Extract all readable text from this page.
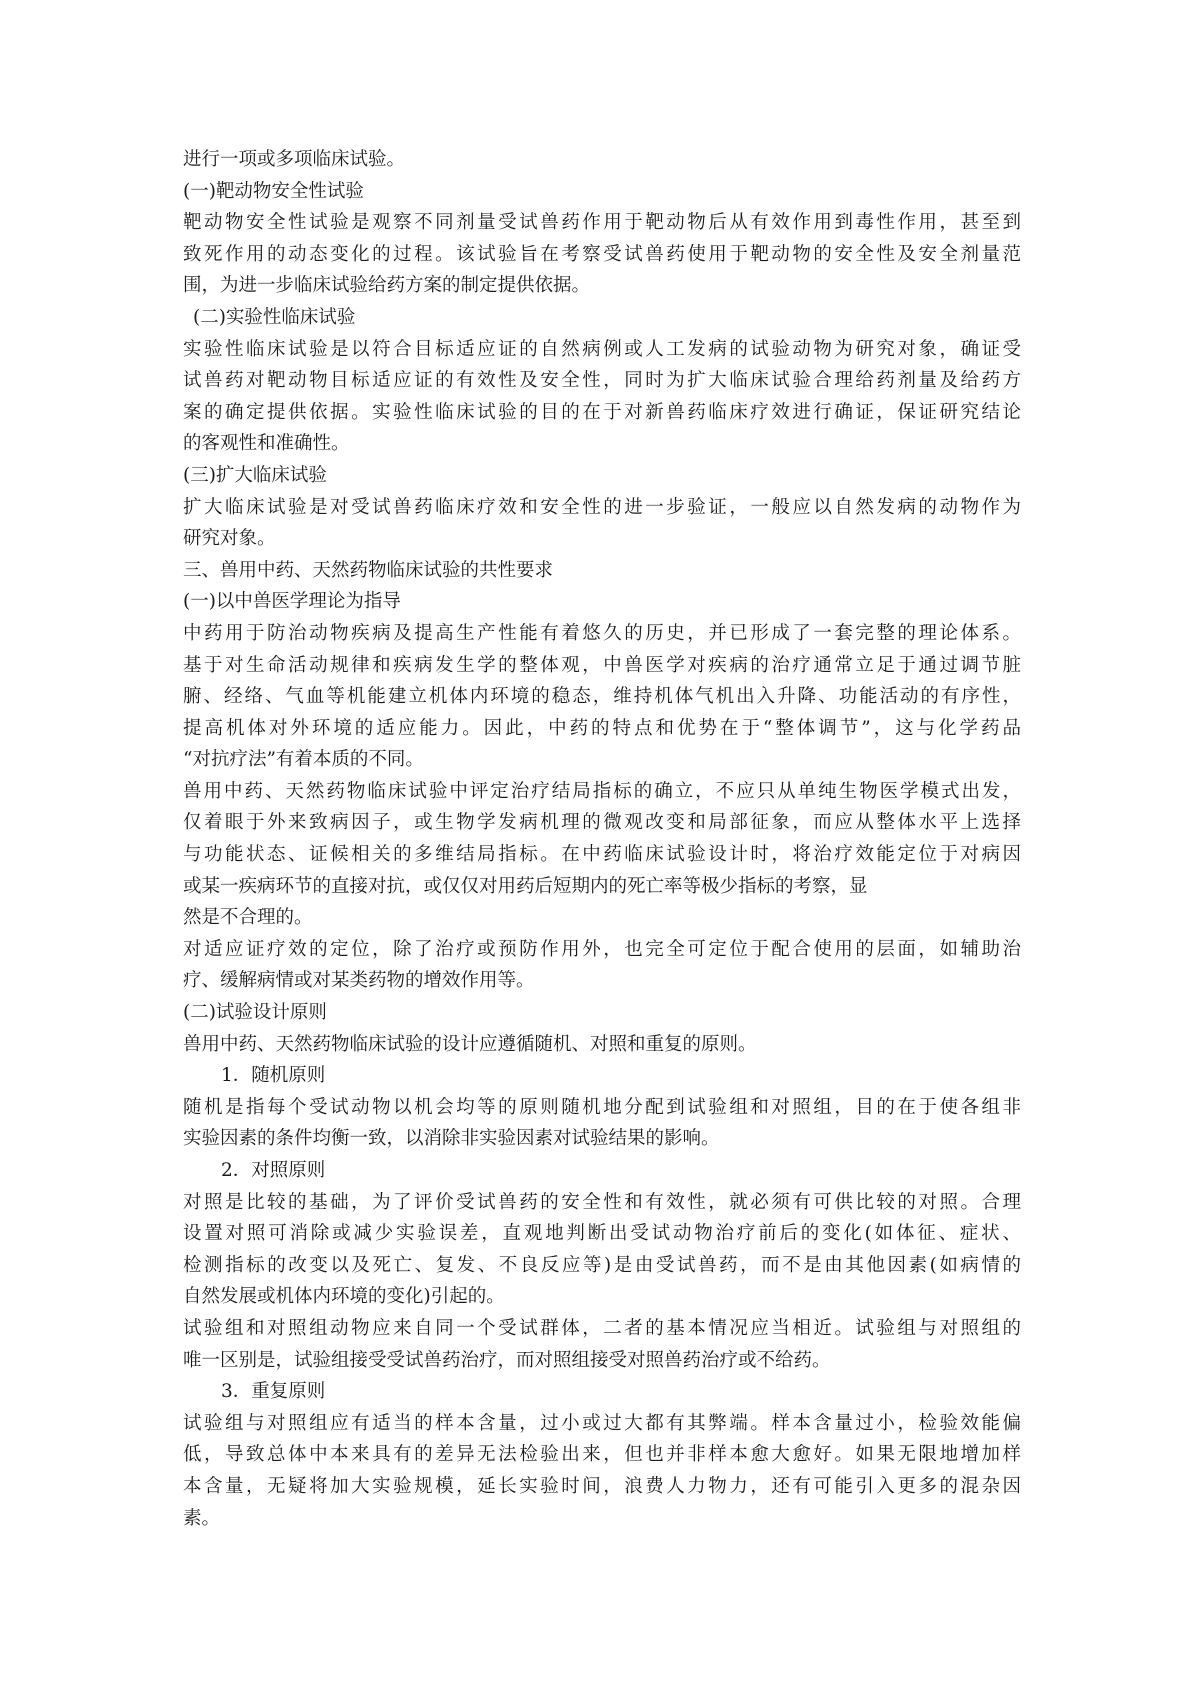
进行一项或多项临床试验。
(一)靶动物安全性试验
靶动物安全性试验是观察不同剂量受试兽药作用于靶动物后从有效作用到毒性作用，甚至到
致死作用的动态变化的过程。该试验旨在考察受试兽药使用于靶动物的安全性及安全剂量范
围，为进一步临床试验给药方案的制定提供依据。
(二)实验性临床试验
实验性临床试验是以符合目标适应证的自然病例或人工发病的试验动物为研究对象，确证受
试兽药对靶动物目标适应证的有效性及安全性，同时为扩大临床试验合理给药剂量及给药方
案的确定提供依据。实验性临床试验的目的在于对新兽药临床疗效进行确证，保证研究结论
的客观性和准确性。
(三)扩大临床试验
扩大临床试验是对受试兽药临床疗效和安全性的进一步验证，一般应以自然发病的动物作为
研究对象。
三、兽用中药、天然药物临床试验的共性要求
(一)以中兽医学理论为指导
中药用于防治动物疾病及提高生产性能有着悠久的历史，并已形成了一套完整的理论体系。
基于对生命活动规律和疾病发生学的整体观，中兽医学对疾病的治疗通常立足于通过调节脏
腑、经络、气血等机能建立机体内环境的稳态，维持机体气机出入升降、功能活动的有序性，
提高机体对外环境的适应能力。因此，中药的特点和优势在于“整体调节”，这与化学药品
“对抗疗法”有着本质的不同。
兽用中药、天然药物临床试验中评定治疗结局指标的确立，不应只从单纯生物医学模式出发，
仅着眼于外来致病因子，或生物学发病机理的微观改变和局部征象，而应从整体水平上选择
与功能状态、证候相关的多维结局指标。在中药临床试验设计时，将治疗效能定位于对病因
或某一疾病环节的直接对抗，或仅仅对用药后短期内的死亡率等极少指标的考察，显
然是不合理的。
对适应证疗效的定位，除了治疗或预防作用外，也完全可定位于配合使用的层面，如辅助治
疗、缓解病情或对某类药物的增效作用等。
(二)试验设计原则
兽用中药、天然药物临床试验的设计应遵循随机、对照和重复的原则。
1．随机原则
随机是指每个受试动物以机会均等的原则随机地分配到试验组和对照组，目的在于使各组非
实验因素的条件均衡一致，以消除非实验因素对试验结果的影响。
2．对照原则
对照是比较的基础，为了评价受试兽药的安全性和有效性，就必须有可供比较的对照。合理
设置对照可消除或减少实验误差，直观地判断出受试动物治疗前后的变化(如体征、症状、
检测指标的改变以及死亡、复发、不良反应等)是由受试兽药，而不是由其他因素(如病情的
自然发展或机体内环境的变化)引起的。
试验组和对照组动物应来自同一个受试群体，二者的基本情况应当相近。试验组与对照组的
唯一区别是，试验组接受受试兽药治疗，而对照组接受对照兽药治疗或不给药。
3．重复原则
试验组与对照组应有适当的样本含量，过小或过大都有其弊端。样本含量过小，检验效能偏
低，导致总体中本来具有的差异无法检验出来，但也并非样本愈大愈好。如果无限地增加样
本含量，无疑将加大实验规模，延长实验时间，浪费人力物力，还有可能引入更多的混杂因
素。
